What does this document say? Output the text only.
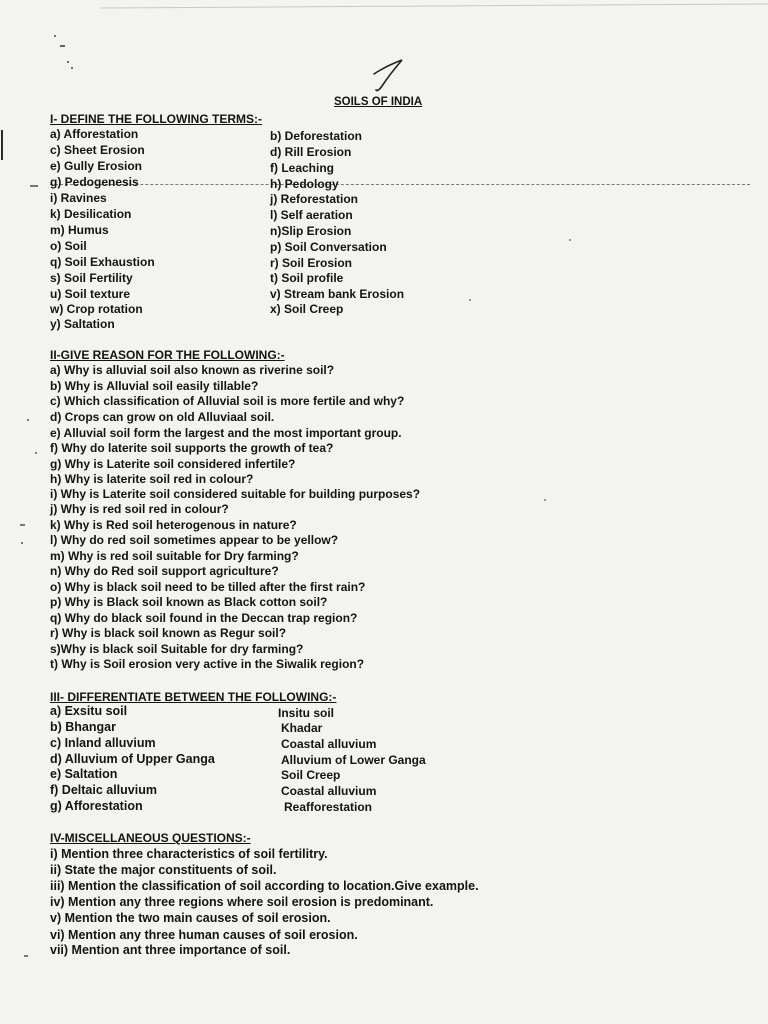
SOILS OF INDIA
I- DEFINE THE FOLLOWING TERMS:-
a) Afforestation
c) Sheet Erosion
e) Gully Erosion
g) Pedogenesis
i) Ravines
k) Desilication
m) Humus
o) Soil
q) Soil Exhaustion
s) Soil Fertility
u) Soil texture
w) Crop rotation
y) Saltation
b) Deforestation
d) Rill Erosion
f) Leaching
h) Pedology
j) Reforestation
l) Self aeration
n)Slip Erosion
p) Soil Conversation
r) Soil Erosion
t) Soil profile
v) Stream bank Erosion
x) Soil Creep
II-GIVE REASON FOR THE FOLLOWING:-
a) Why is alluvial soil also known as riverine soil?
b) Why is Alluvial soil easily tillable?
c) Which classification of Alluvial soil is more fertile and why?
d) Crops can grow on old Alluviaal soil.
e) Alluvial soil form the largest and the most important group.
f) Why do laterite soil supports the growth of tea?
g) Why is Laterite soil considered infertile?
h) Why is laterite soil red in colour?
i) Why is Laterite soil considered suitable for building purposes?
j) Why is red soil red in colour?
k) Why is Red soil heterogenous in nature?
l) Why do red soil sometimes appear to be yellow?
m) Why is red soil suitable for Dry farming?
n) Why do Red soil support agriculture?
o) Why is black soil need to be tilled after the first rain?
p) Why is Black soil known as Black cotton soil?
q) Why do black soil found in the Deccan trap region?
r) Why is black soil known as Regur soil?
s)Why is black soil Suitable for dry farming?
t) Why is Soil erosion very active in the Siwalik region?
III- DIFFERENTIATE BETWEEN THE FOLLOWING:-
a) Exsitu soil
b) Bhangar
c) Inland alluvium
d) Alluvium of Upper Ganga
e) Saltation
f) Deltaic alluvium
g) Afforestation
Insitu soil
Khadar
Coastal alluvium
Alluvium of Lower Ganga
Soil Creep
Coastal alluvium
Reafforestation
IV-MISCELLANEOUS QUESTIONS:-
i) Mention three characteristics of soil fertilitry.
ii) State the major constituents of soil.
iii) Mention the classification of soil according to location.Give example.
iv) Mention any three regions where soil erosion is predominant.
v) Mention the two main causes of soil erosion.
vi) Mention any three human causes of soil erosion.
vii) Mention ant three importance of soil.
